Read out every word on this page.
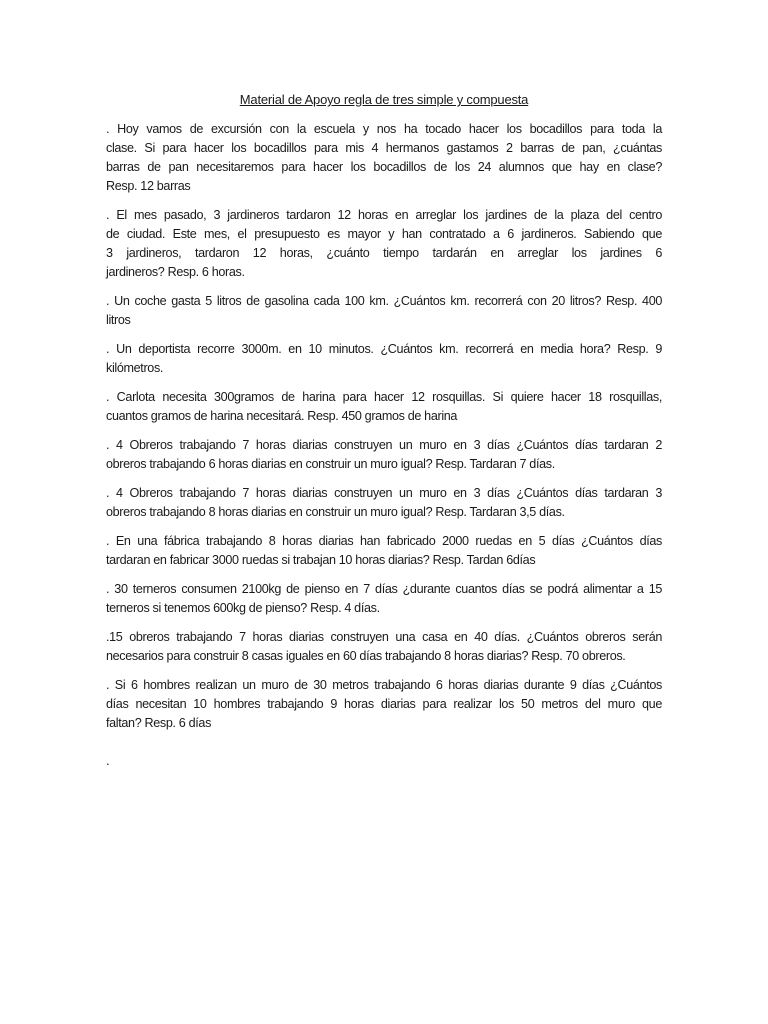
Material de Apoyo regla de tres simple y compuesta
. Hoy vamos de excursión con la escuela y nos ha tocado hacer los bocadillos para toda la
clase. Si para hacer los bocadillos para mis 4 hermanos gastamos 2 barras de pan, ¿cuántas
barras de pan necesitaremos para hacer los bocadillos de los 24 alumnos que hay en clase?
Resp. 12 barras
. El mes pasado, 3 jardineros tardaron 12 horas en arreglar los jardines de la plaza del centro
de ciudad. Este mes, el presupuesto es mayor y han contratado a 6 jardineros. Sabiendo que
3 jardineros, tardaron 12 horas, ¿cuánto tiempo tardarán en arreglar los jardines 6
jardineros? Resp. 6 horas.
. Un coche gasta 5 litros de gasolina cada 100 km. ¿Cuántos km. recorrerá con 20 litros? Resp. 400
litros
. Un deportista recorre 3000m. en 10 minutos. ¿Cuántos km. recorrerá en media hora? Resp. 9
kilómetros.
. Carlota necesita 300gramos de harina para hacer 12 rosquillas. Si quiere hacer 18 rosquillas,
cuantos gramos de harina necesitará. Resp. 450 gramos de harina
. 4 Obreros trabajando 7 horas diarias construyen un muro en 3 días ¿Cuántos días tardaran 2
obreros trabajando 6 horas diarias en construir un muro igual? Resp. Tardaran 7 días.
. 4 Obreros trabajando 7 horas diarias construyen un muro en 3 días ¿Cuántos días tardaran 3
obreros trabajando 8 horas diarias en construir un muro igual? Resp. Tardaran 3,5 días.
. En una fábrica trabajando 8 horas diarias han fabricado 2000 ruedas en 5 días ¿Cuántos días
tardaran en fabricar 3000 ruedas si trabajan 10 horas diarias? Resp. Tardan 6días
. 30 terneros consumen 2100kg de pienso en 7 días ¿durante cuantos días se podrá alimentar a 15
terneros si tenemos 600kg de pienso? Resp. 4 días.
.15 obreros trabajando 7 horas diarias construyen una casa en 40 días. ¿Cuántos obreros serán
necesarios para construir 8 casas iguales en 60 días trabajando 8 horas diarias? Resp. 70 obreros.
. Si 6 hombres realizan un muro de 30 metros trabajando 6 horas diarias durante 9 días ¿Cuántos
días necesitan 10 hombres trabajando 9 horas diarias para realizar los 50 metros del muro que
faltan? Resp. 6 días
.
